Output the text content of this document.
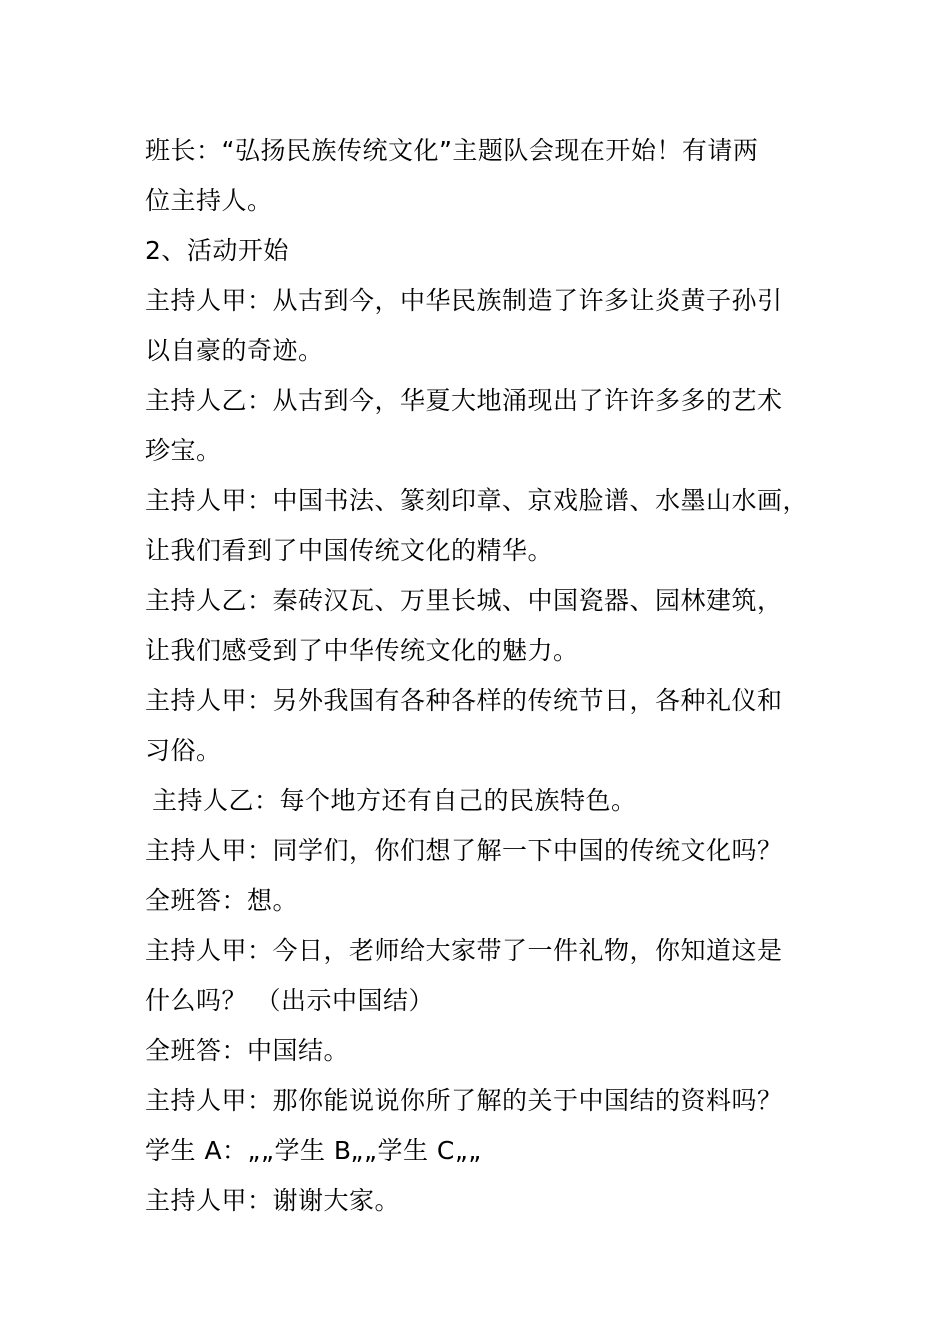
班长：“弘扬民族传统文化”主题队会现在开始！有请两
位主持人。
2、活动开始
主持人甲：从古到今，中华民族制造了许多让炎黄子孙引
以自豪的奇迹。
主持人乙：从古到今，华夏大地涌现出了许许多多的艺术
珍宝。
主持人甲：中国书法、篆刻印章、京戏脸谱、水墨山水画，
让我们看到了中国传统文化的精华。
主持人乙：秦砖汉瓦、万里长城、中国瓷器、园林建筑，
让我们感受到了中华传统文化的魅力。
主持人甲：另外我国有各种各样的传统节日，各种礼仪和
习俗。
主持人乙：每个地方还有自己的民族特色。
主持人甲：同学们，你们想了解一下中国的传统文化吗？
全班答：想。
主持人甲：今日，老师给大家带了一件礼物，你知道这是
什么吗？ （出示中国结）
全班答：中国结。
主持人甲：那你能说说你所了解的关于中国结的资料吗？
学生 A：„„学生 B„„学生 C„„
主持人甲：谢谢大家。
